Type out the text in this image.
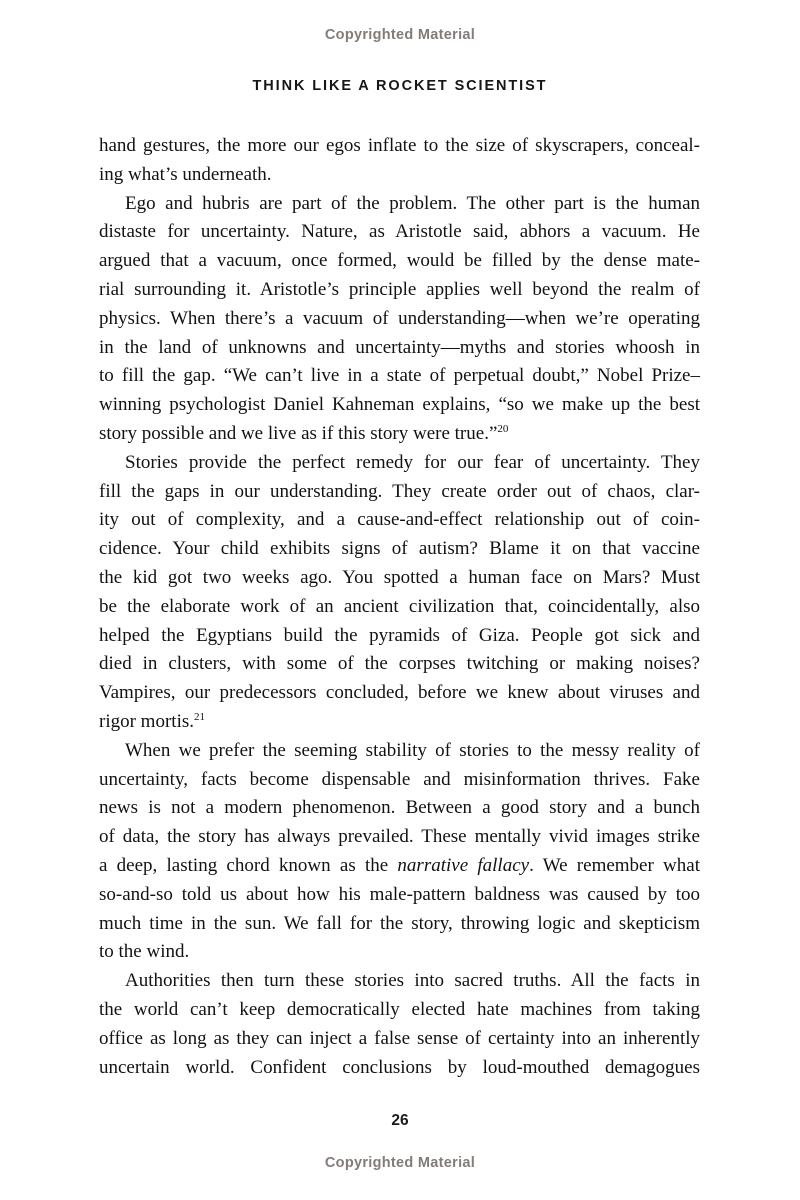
Copyrighted Material
THINK LIKE A ROCKET SCIENTIST
hand gestures, the more our egos inflate to the size of skyscrapers, conceal-
ing what’s underneath.
Ego and hubris are part of the problem. The other part is the human
distaste for uncertainty. Nature, as Aristotle said, abhors a vacuum. He
argued that a vacuum, once formed, would be filled by the dense mate-
rial surrounding it. Aristotle’s principle applies well beyond the realm of
physics. When there’s a vacuum of understanding—when we’re operating
in the land of unknowns and uncertainty—myths and stories whoosh in
to fill the gap. “We can’t live in a state of perpetual doubt,” Nobel Prize–
winning psychologist Daniel Kahneman explains, “so we make up the best
story possible and we live as if this story were true.”$^{20}$
Stories provide the perfect remedy for our fear of uncertainty. They
fill the gaps in our understanding. They create order out of chaos, clar-
ity out of complexity, and a cause-and-effect relationship out of coin-
cidence. Your child exhibits signs of autism? Blame it on that vaccine
the kid got two weeks ago. You spotted a human face on Mars? Must
be the elaborate work of an ancient civilization that, coincidentally, also
helped the Egyptians build the pyramids of Giza. People got sick and
died in clusters, with some of the corpses twitching or making noises?
Vampires, our predecessors concluded, before we knew about viruses and
rigor mortis.$^{21}$
When we prefer the seeming stability of stories to the messy reality of
uncertainty, facts become dispensable and misinformation thrives. Fake
news is not a modern phenomenon. Between a good story and a bunch
of data, the story has always prevailed. These mentally vivid images strike
a deep, lasting chord known as the narrative fallacy. We remember what
so-and-so told us about how his male-pattern baldness was caused by too
much time in the sun. We fall for the story, throwing logic and skepticism
to the wind.
Authorities then turn these stories into sacred truths. All the facts in
the world can’t keep democratically elected hate machines from taking
office as long as they can inject a false sense of certainty into an inherently
uncertain world. Confident conclusions by loud-mouthed demagogues
26
Copyrighted Material
